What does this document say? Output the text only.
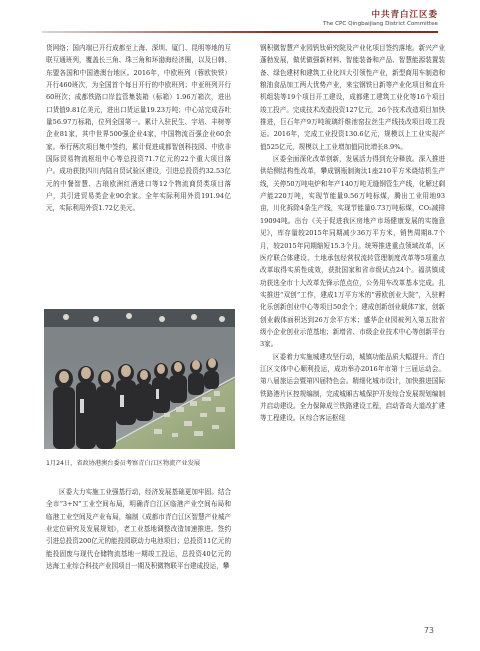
中共青白江区委
The CPC Qingbaijiang District Committee

货网络；国内端已开行成都至上海、深圳、厦门、昆明等地的互联互通班列，覆盖长三角、珠三角和环渤海经济圈，以及日韩、东盟各国和中国港澳台地区。2016年，中欧班列（蓉欧快铁）开行460班次，为全国首个每日开行的中欧班列；中亚班列开行60班次；成都铁路口岸监管集装箱（标箱）1.96万箱次，进出口货值9.81亿美元，进出口货运量19.23万吨；中心站完成吞吐量56.97万标箱，位列全国第一。累计入驻民生、宇培、丰树等企业81家，其中世界500强企业4家，中国物流百强企业60余家。举行两次项目集中签约，累计促进成都智创科技园、中欧非国际贸易物流枢纽中心等总投资71.7亿元的22个重大项目落户。成功获批四川内陆自贸试验区建设，引进总投资约32.53亿元的中餐智慧、古琅欧洲红酒进口等12个物流商贸类项目落户，共引进贸易类企业90余家。全年实际利用外资191.94亿元，实际利用外资1.72亿美元。

1月24日，省政协港澳台委员考察青白江区物流产业发展

区委大力实施工业强基行动，经济发展基础更加牢固。结合全市“3+N”工业空间布局，明确青白江区临港产业空间布局和临港工业空间及产业布局，编制《成都市青白江区智慧产业城产业定位研究及发展规划》，老工业基地调整改造加速推进。签约引进总投资200亿元的能投园联动力电池项目；总投资11亿元的能投固废与现代仓储物流基地一期竣工投运，总投资40亿元的达海工业综合科技产业园项目一期及积微物联平台建成投运，攀

钢积微智慧产业园钒钛研究院及产业化项目签约落地。新兴产业蓬勃发展，做优做强新材料、智能装备和产品、智慧能源装置装备、绿色建材和建筑工业化四大引领性产业，新型商用车制造和粮油食品加工两大优势产业，来宝钢铁日新等产业化项目和直升机组装等19个项目开工建设，成都建工建筑工业化等16个项目竣工投产。完成技术改造投资127亿元，26个技术改造项目加快推进，巨石年产9万吨玻璃纤维池窑拉丝生产线技改项目竣工投运。2016年，完成工业投资130.6亿元，规模以上工业实现产值525亿元，规模以上工业增加值同比增长8.9%。

区委全面深化改革创新，发展活力得到充分释放。深入推进供给侧结构性改革，攀成钢瓶制淘汰1座210平方米烧结机生产线，关停50万吨电炉和年产140万吨无缝钢管生产线，化解过剩产能220万吨，实现节能量9.56万吨标煤，腾出工业用地93亩，川化拆除4条生产线，实现节能量0.73万吨标煤，CO₂减排19094吨。出台《关于促进我区房地产市场健康发展的实施意见》，库存量较2015年同期减少36万平方米，销售周期8.7个月，较2015年同期缩短15.3个月。统筹推进重点领域改革，区医疗联合体建设、土地承包经营权流转管理制度改革等5项重点改革取得实质性成效，获批国家和省市级试点24个。福洪镇成功获选全市十大改革先锋示范点位，公务用车改革基本完成。扎实推进“双创”工作，建成1万平方米的“蓉欧创业大院”，入驻孵化乐创新创业中心等项目50余个；建成创新创业载体7家，创新创业载体面积达到26万余平方米；盛华企业园被列入第五批省级小企业创业示范基地；新增省、市级企业技术中心等创新平台3家。

区委着力实施城建攻坚行动，城镇功能品质大幅提升。青白江区文体中心顺利投运，成功举办2016年市第十三届运动会。第八届旅运会暨第四届特色会。精细化城市设计，加快推进国际铁路港片区控规编制，完成城厢古城保护开发综合发展规划编制并启动建设。全力保障成兰铁路建设工程，启动香岛大道改扩建等工程建设。区综合客运枢纽

73
